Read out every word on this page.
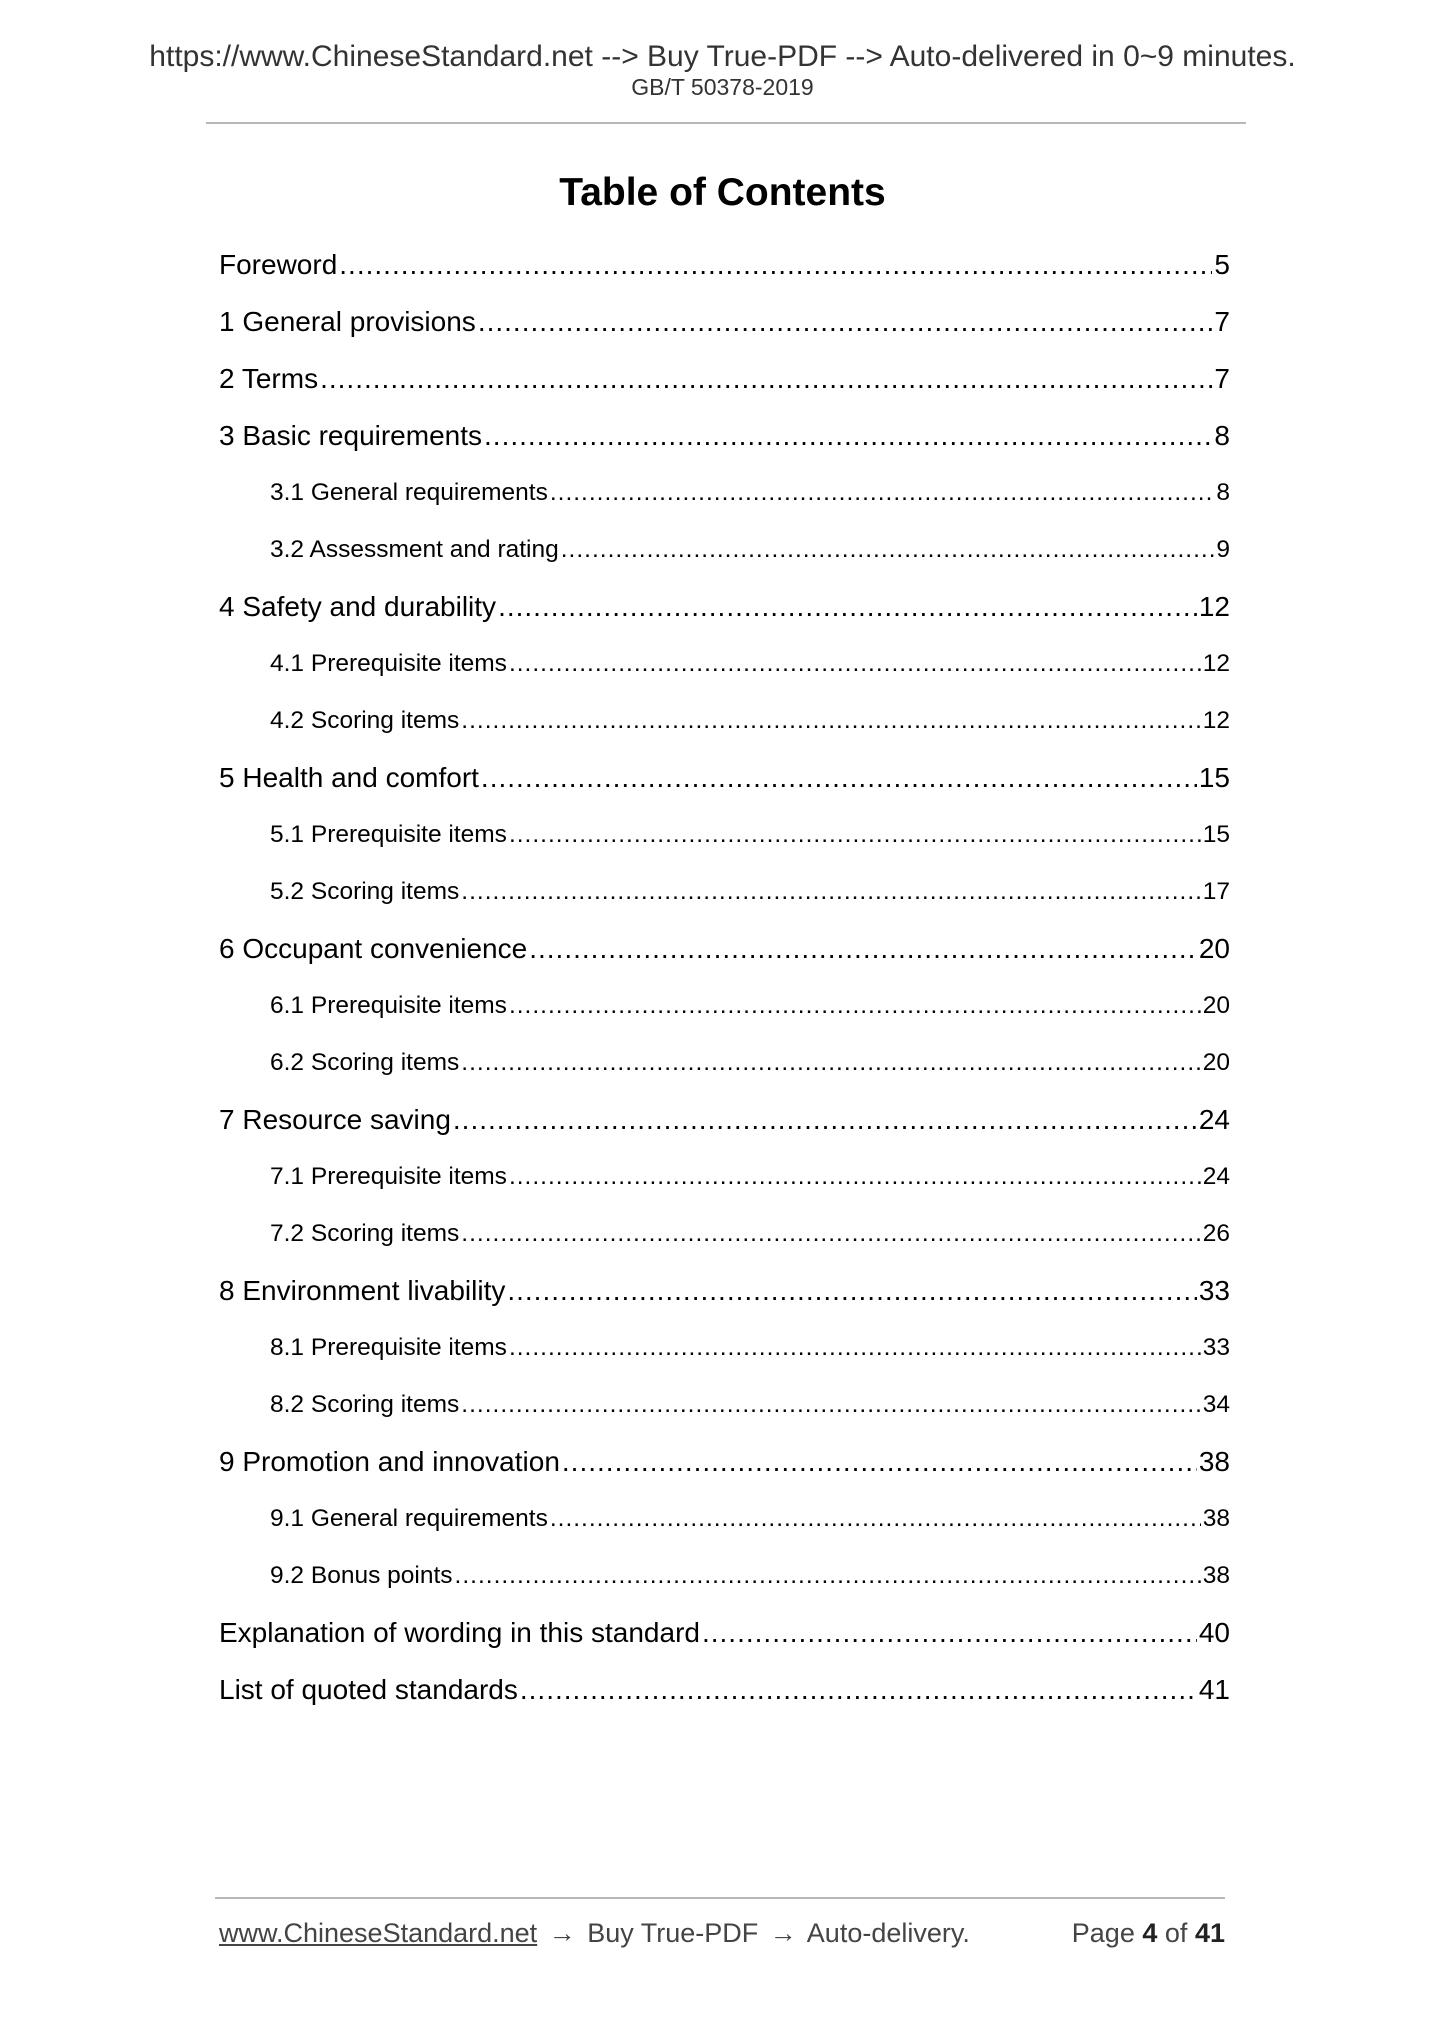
https://www.ChineseStandard.net --> Buy True-PDF --> Auto-delivered in 0~9 minutes.
GB/T 50378-2019
Table of Contents
Foreword .....	5
1 General provisions .....	7
2 Terms .....	7
3 Basic requirements .....	8
3.1 General requirements .....	8
3.2 Assessment and rating .....	9
4 Safety and durability .....	12
4.1 Prerequisite items .....	12
4.2 Scoring items .....	12
5 Health and comfort .....	15
5.1 Prerequisite items .....	15
5.2 Scoring items .....	17
6 Occupant convenience .....	20
6.1 Prerequisite items .....	20
6.2 Scoring items .....	20
7 Resource saving .....	24
7.1 Prerequisite items .....	24
7.2 Scoring items .....	26
8 Environment livability .....	33
8.1 Prerequisite items .....	33
8.2 Scoring items .....	34
9 Promotion and innovation .....	38
9.1 General requirements .....	38
9.2 Bonus points .....	38
Explanation of wording in this standard .....	40
List of quoted standards .....	41
www.ChineseStandard.net → Buy True-PDF → Auto-delivery.	Page 4 of 41
